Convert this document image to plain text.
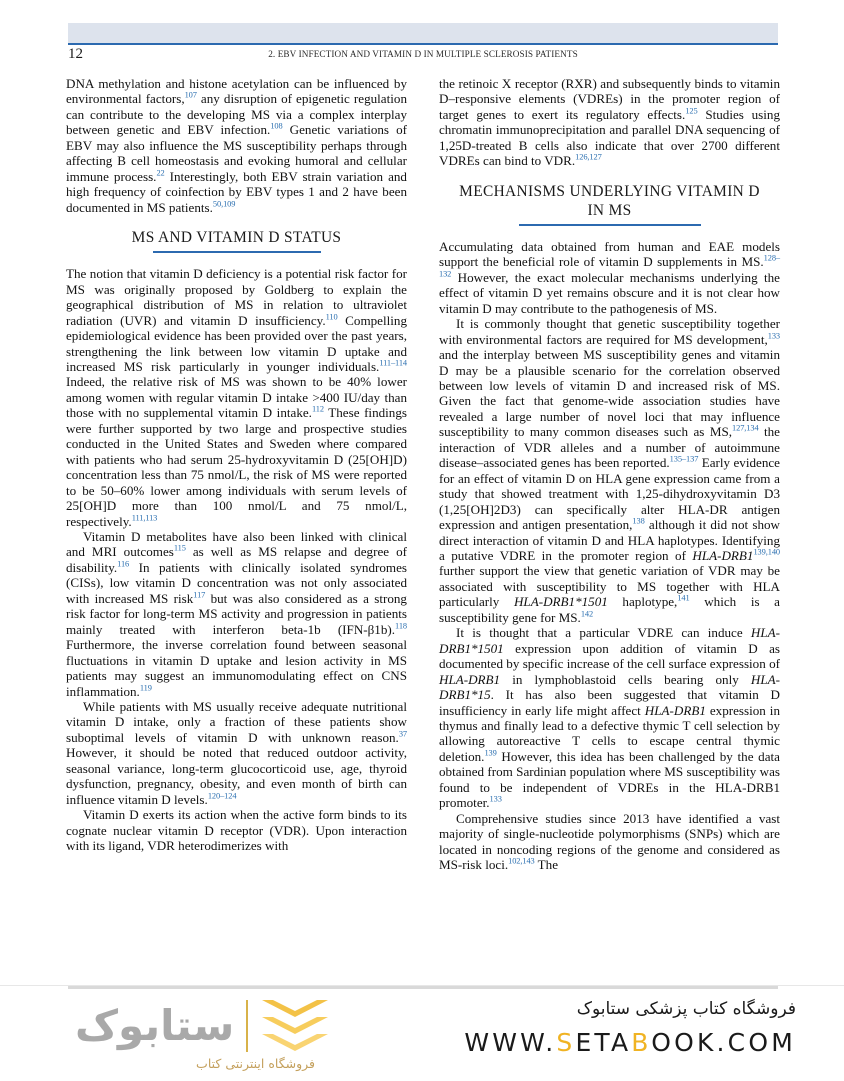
12	2. EBV INFECTION AND VITAMIN D IN MULTIPLE SCLEROSIS PATIENTS

DNA methylation and histone acetylation can be influenced by environmental factors,$^{107}$ any disruption of epigenetic regulation can contribute to the developing MS via a complex interplay between genetic and EBV infection.$^{108}$ Genetic variations of EBV may also influence the MS susceptibility perhaps through affecting B cell homeostasis and evoking humoral and cellular immune process.$^{22}$ Interestingly, both EBV strain variation and high frequency of coinfection by EBV types 1 and 2 have been documented in MS patients.$^{50,109}$

MS AND VITAMIN D STATUS

The notion that vitamin D deficiency is a potential risk factor for MS was originally proposed by Goldberg to explain the geographical distribution of MS in relation to ultraviolet radiation (UVR) and vitamin D insufficiency.$^{110}$ Compelling epidemiological evidence has been provided over the past years, strengthening the link between low vitamin D uptake and increased MS risk particularly in younger individuals.$^{111-114}$ Indeed, the relative risk of MS was shown to be 40% lower among women with regular vitamin D intake >400 IU/day than those with no supplemental vitamin D intake.$^{112}$ These findings were further supported by two large and prospective studies conducted in the United States and Sweden where compared with patients who had serum 25-hydroxyvitamin D (25[OH]D) concentration less than 75 nmol/L, the risk of MS were reported to be 50–60% lower among individuals with serum levels of 25[OH]D more than 100 nmol/L and 75 nmol/L, respectively.$^{111,113}$

Vitamin D metabolites have also been linked with clinical and MRI outcomes$^{115}$ as well as MS relapse and degree of disability.$^{116}$ In patients with clinically isolated syndromes (CISs), low vitamin D concentration was not only associated with increased MS risk$^{117}$ but was also considered as a strong risk factor for long-term MS activity and progression in patients mainly treated with interferon beta-1b (IFN-β1b).$^{118}$ Furthermore, the inverse correlation found between seasonal fluctuations in vitamin D uptake and lesion activity in MS patients may suggest an immunomodulating effect on CNS inflammation.$^{119}$

While patients with MS usually receive adequate nutritional vitamin D intake, only a fraction of these patients show suboptimal levels of vitamin D with unknown reason.$^{37}$ However, it should be noted that reduced outdoor activity, seasonal variance, long-term glucocorticoid use, age, thyroid dysfunction, pregnancy, obesity, and even month of birth can influence vitamin D levels.$^{120-124}$

Vitamin D exerts its action when the active form binds to its cognate nuclear vitamin D receptor (VDR). Upon interaction with its ligand, VDR heterodimerizes with

the retinoic X receptor (RXR) and subsequently binds to vitamin D–responsive elements (VDREs) in the promoter region of target genes to exert its regulatory effects.$^{125}$ Studies using chromatin immunoprecipitation and parallel DNA sequencing of 1,25D-treated B cells also indicate that over 2700 different VDREs can bind to VDR.$^{126,127}$

MECHANISMS UNDERLYING VITAMIN D
IN MS

Accumulating data obtained from human and EAE models support the beneficial role of vitamin D supplements in MS.$^{128-132}$ However, the exact molecular mechanisms underlying the effect of vitamin D yet remains obscure and it is not clear how vitamin D may contribute to the pathogenesis of MS.

It is commonly thought that genetic susceptibility together with environmental factors are required for MS development,$^{133}$ and the interplay between MS susceptibility genes and vitamin D may be a plausible scenario for the correlation observed between low levels of vitamin D and increased risk of MS. Given the fact that genome-wide association studies have revealed a large number of novel loci that may influence susceptibility to many common diseases such as MS,$^{127,134}$ the interaction of VDR alleles and a number of autoimmune disease–associated genes has been reported.$^{135-137}$ Early evidence for an effect of vitamin D on HLA gene expression came from a study that showed treatment with 1,25-dihydroxyvitamin D3 (1,25[OH]2D3) can specifically alter HLA-DR antigen expression and antigen presentation,$^{138}$ although it did not show direct interaction of vitamin D and HLA haplotypes. Identifying a putative VDRE in the promoter region of HLA-DRB1$^{139,140}$ further support the view that genetic variation of VDR may be associated with susceptibility to MS together with HLA particularly HLA-DRB1*1501 haplotype,$^{141}$ which is a susceptibility gene for MS.$^{142}$

It is thought that a particular VDRE can induce HLA-DRB1*1501 expression upon addition of vitamin D as documented by specific increase of the cell surface expression of HLA-DRB1 in lymphoblastoid cells bearing only HLA-DRB1*15. It has also been suggested that vitamin D insufficiency in early life might affect HLA-DRB1 expression in thymus and finally lead to a defective thymic T cell selection by allowing autoreactive T cells to escape central thymic deletion.$^{139}$ However, this idea has been challenged by the data obtained from Sardinian population where MS susceptibility was found to be independent of VDREs in the HLA-DRB1 promoter.$^{133}$

Comprehensive studies since 2013 have identified a vast majority of single-nucleotide polymorphisms (SNPs) which are located in noncoding regions of the genome and considered as MS-risk loci.$^{102,143}$ The

ستابوک
فروشگاه اینترنتی کتاب
فروشگاه کتاب پزشکی ستابوک
WWW.SETABOOK.COM
